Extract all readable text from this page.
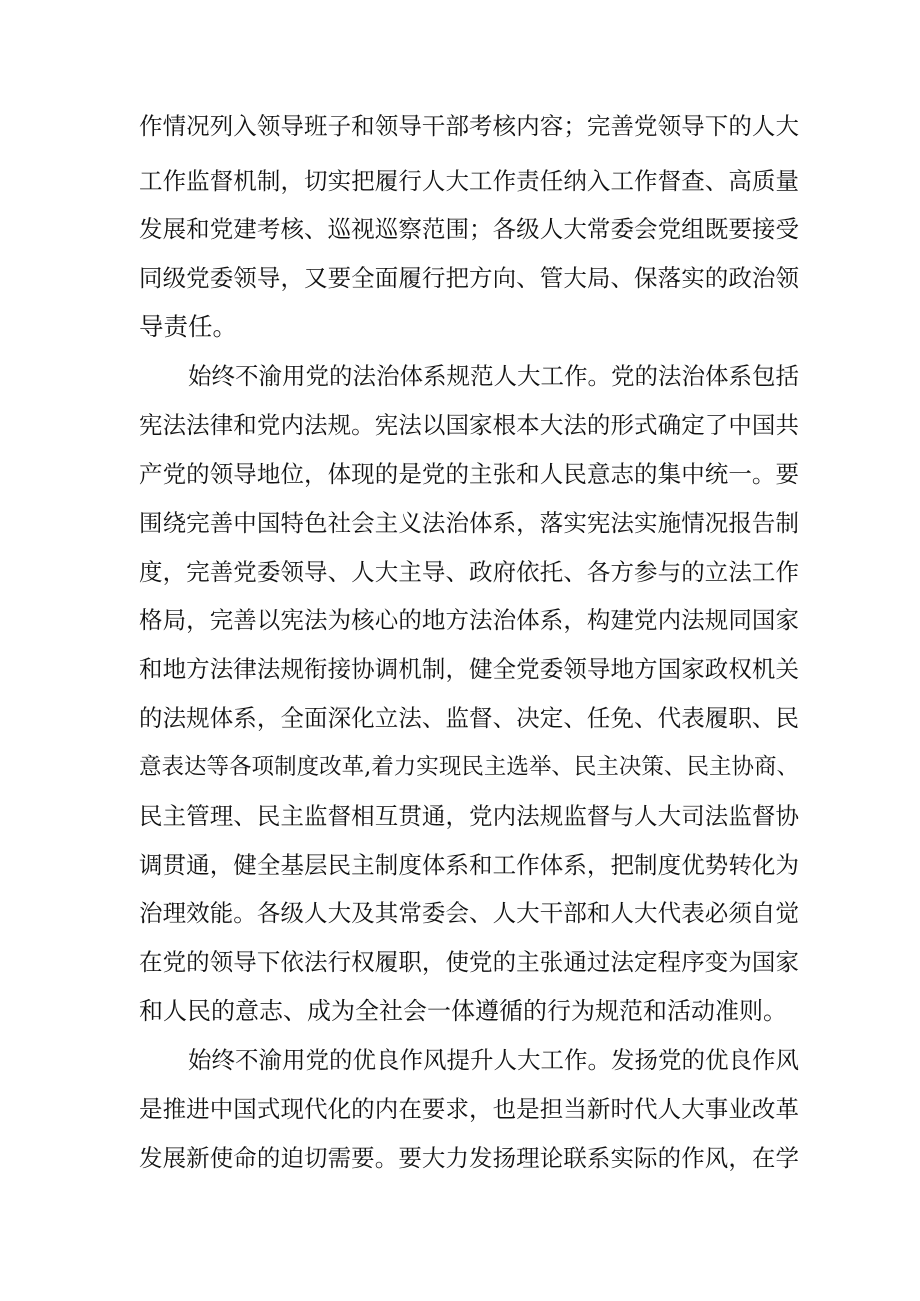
作情况列入领导班子和领导干部考核内容；完善党领导下的人大
工作监督机制，切实把履行人大工作责任纳入工作督查、高质量
发展和党建考核、巡视巡察范围；各级人大常委会党组既要接受
同级党委领导，又要全面履行把方向、管大局、保落实的政治领
导责任。
始终不渝用党的法治体系规范人大工作。党的法治体系包括
宪法法律和党内法规。宪法以国家根本大法的形式确定了中国共
产党的领导地位，体现的是党的主张和人民意志的集中统一。要
围绕完善中国特色社会主义法治体系，落实宪法实施情况报告制
度，完善党委领导、人大主导、政府依托、各方参与的立法工作
格局，完善以宪法为核心的地方法治体系，构建党内法规同国家
和地方法律法规衔接协调机制，健全党委领导地方国家政权机关
的法规体系，全面深化立法、监督、决定、任免、代表履职、民
意表达等各项制度改革,着力实现民主选举、民主决策、民主协商、
民主管理、民主监督相互贯通，党内法规监督与人大司法监督协
调贯通，健全基层民主制度体系和工作体系，把制度优势转化为
治理效能。各级人大及其常委会、人大干部和人大代表必须自觉
在党的领导下依法行权履职，使党的主张通过法定程序变为国家
和人民的意志、成为全社会一体遵循的行为规范和活动准则。
始终不渝用党的优良作风提升人大工作。发扬党的优良作风
是推进中国式现代化的内在要求，也是担当新时代人大事业改革
发展新使命的迫切需要。要大力发扬理论联系实际的作风，在学
